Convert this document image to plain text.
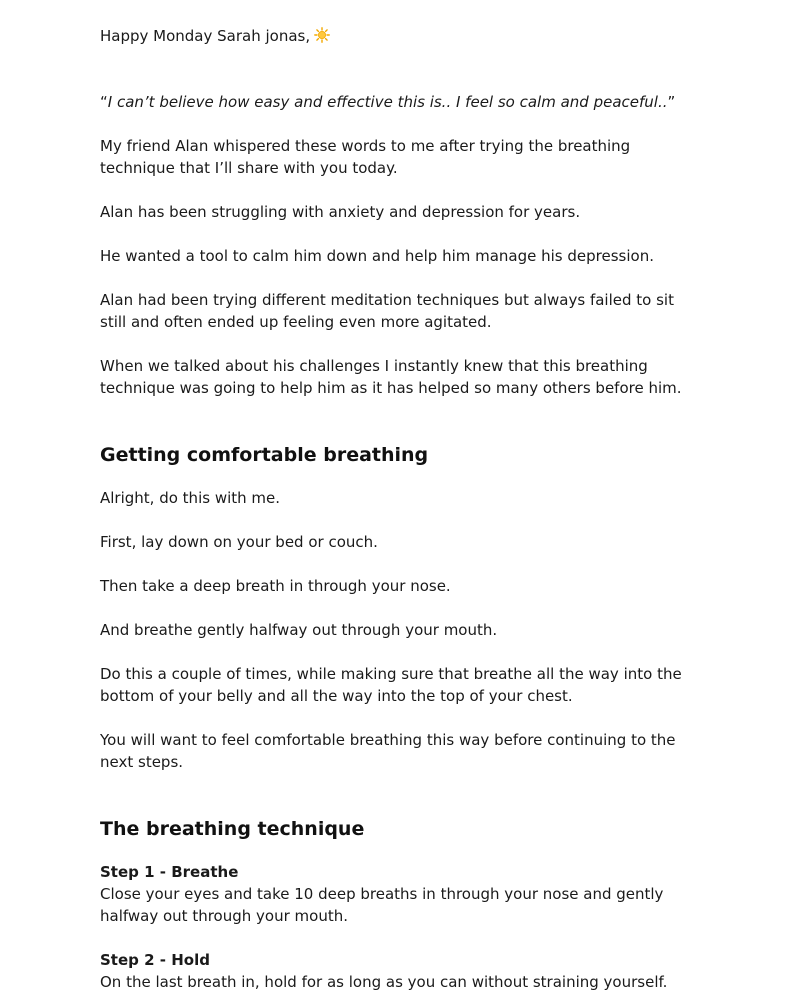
Happy Monday Sarah jonas,

“I can’t believe how easy and effective this is.. I feel so calm and peaceful..”

My friend Alan whispered these words to me after trying the breathing technique that I’ll share with you today.

Alan has been struggling with anxiety and depression for years.

He wanted a tool to calm him down and help him manage his depression.

Alan had been trying different meditation techniques but always failed to sit still and often ended up feeling even more agitated.

When we talked about his challenges I instantly knew that this breathing technique was going to help him as it has helped so many others before him.

Getting comfortable breathing

Alright, do this with me.

First, lay down on your bed or couch.

Then take a deep breath in through your nose.

And breathe gently halfway out through your mouth.

Do this a couple of times, while making sure that breathe all the way into the bottom of your belly and all the way into the top of your chest.

You will want to feel comfortable breathing this way before continuing to the next steps.

The breathing technique
Step 1 - Breathe
Close your eyes and take 10 deep breaths in through your nose and gently halfway out through your mouth.
Step 2 - Hold
On the last breath in, hold for as long as you can without straining yourself.
